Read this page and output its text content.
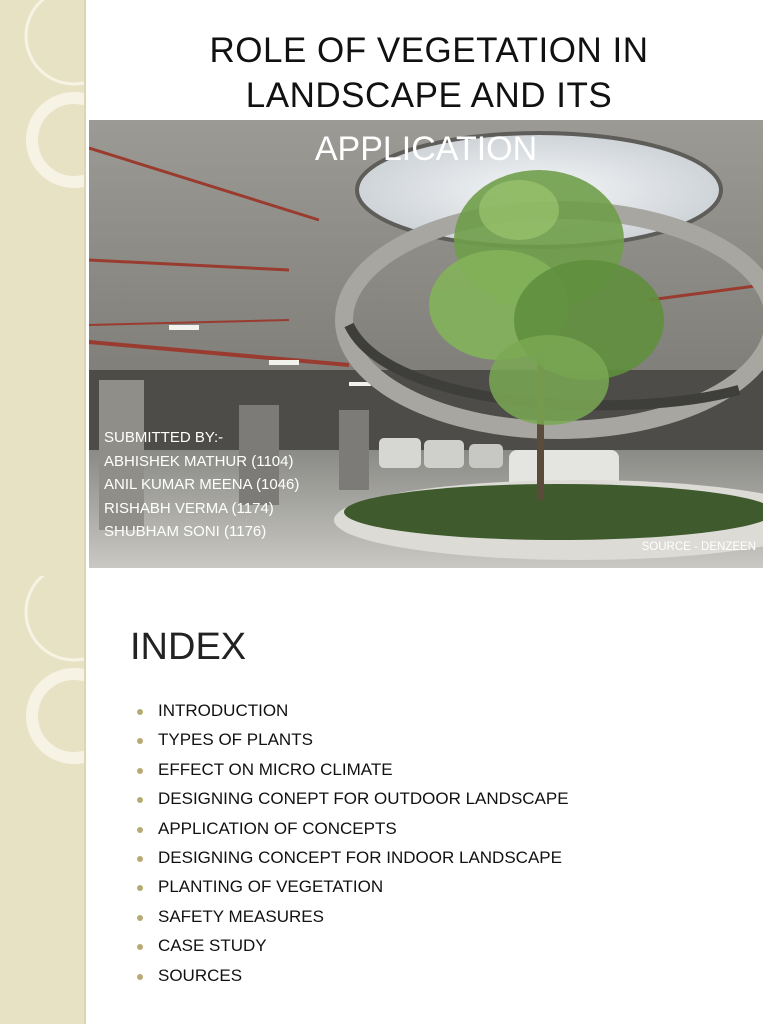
ROLE OF VEGETATION IN
LANDSCAPE AND ITS
APPLICATION
SUBMITTED BY:-
ABHISHEK MATHUR (1104)
ANIL KUMAR MEENA (1046)
RISHABH VERMA (1174)
SHUBHAM SONI (1176)
SOURCE - DENZEEN
INDEX
INTRODUCTION
TYPES OF PLANTS
EFFECT ON MICRO CLIMATE
DESIGNING CONEPT FOR OUTDOOR LANDSCAPE
APPLICATION OF CONCEPTS
DESIGNING CONCEPT FOR INDOOR LANDSCAPE
PLANTING OF VEGETATION
SAFETY MEASURES
CASE STUDY
SOURCES
